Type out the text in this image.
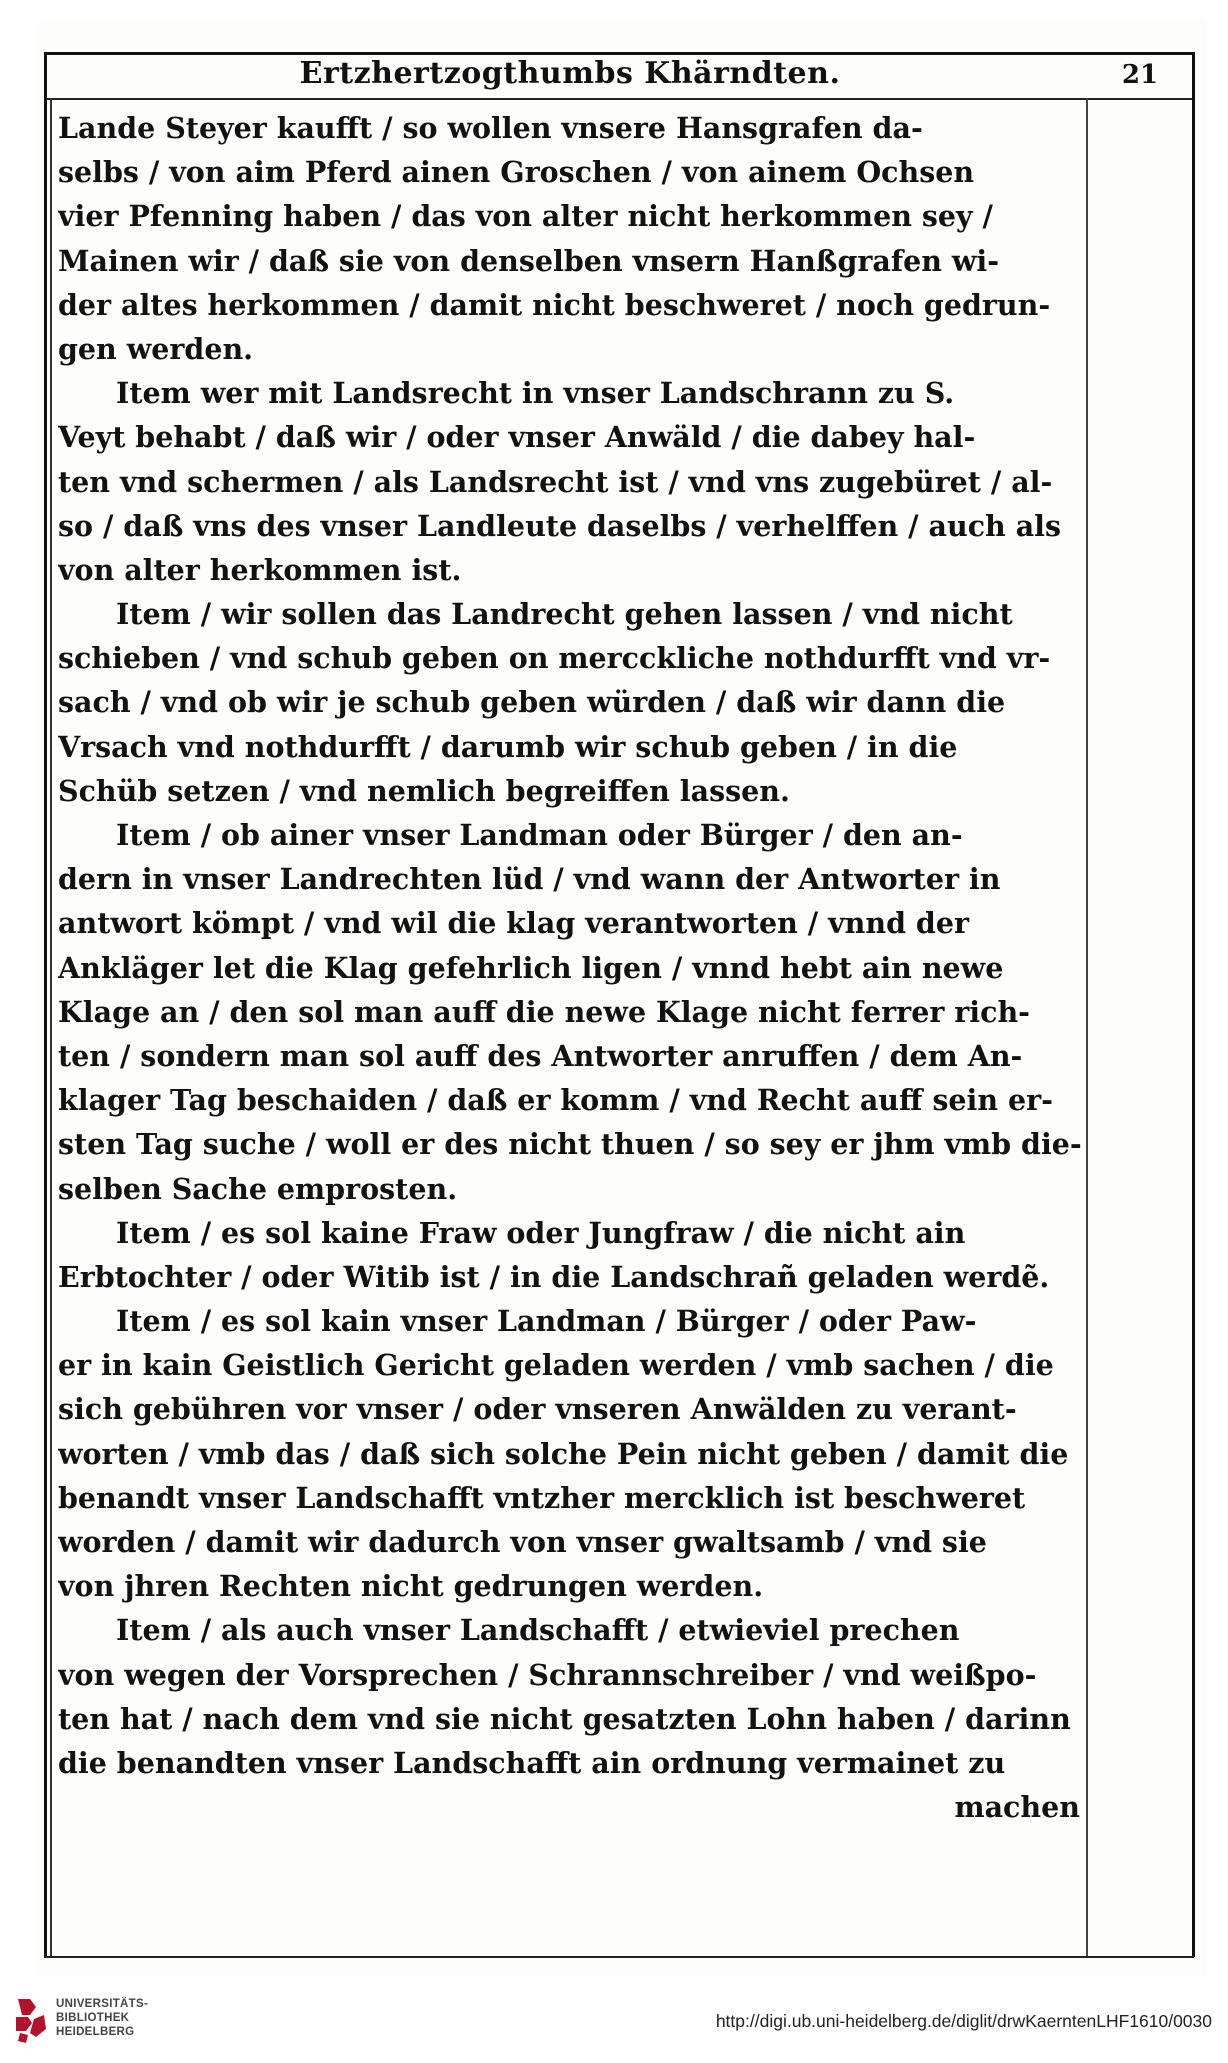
Ertzhertzogthumbs Khärndten.	21
Lande Steyer kaufft / so wollen vnsere Hansgrafen da-
selbs / von aim Pferd ainen Groschen / von ainem Ochsen
vier Pfenning haben / das von alter nicht herkommen sey /
Mainen wir / daß sie von denselben vnsern Hanßgrafen wi-
der altes herkommen / damit nicht beschweret / noch gedrun-
gen werden.
Item wer mit Landsrecht in vnser Landschrann zu S.
Veyt behabt / daß wir / oder vnser Anwäld / die dabey hal-
ten vnd schermen / als Landsrecht ist / vnd vns zugebüret / al-
so / daß vns des vnser Landleute daselbs / verhelffen / auch als
von alter herkommen ist.
Item / wir sollen das Landrecht gehen lassen / vnd nicht
schieben / vnd schub geben on mercckliche nothdurfft vnd vr-
sach / vnd ob wir je schub geben würden / daß wir dann die
Vrsach vnd nothdurfft / darumb wir schub geben / in die
Schüb setzen / vnd nemlich begreiffen lassen.
Item / ob ainer vnser Landman oder Bürger / den an-
dern in vnser Landrechten lüd / vnd wann der Antworter in
antwort kömpt / vnd wil die klag verantworten / vnnd der
Ankläger let die Klag gefehrlich ligen / vnnd hebt ain newe
Klage an / den sol man auff die newe Klage nicht ferrer rich-
ten / sondern man sol auff des Antworter anruffen / dem An-
klager Tag beschaiden / daß er komm / vnd Recht auff sein er-
sten Tag suche / woll er des nicht thuen / so sey er jhm vmb die-
selben Sache emprosten.
Item / es sol kaine Fraw oder Jungfraw / die nicht ain
Erbtochter / oder Witib ist / in die Landschrañ geladen werdẽ.
Item / es sol kain vnser Landman / Bürger / oder Paw-
er in kain Geistlich Gericht geladen werden / vmb sachen / die
sich gebühren vor vnser / oder vnseren Anwälden zu verant-
worten / vmb das / daß sich solche Pein nicht geben / damit die
benandt vnser Landschafft vntzher mercklich ist beschweret
worden / damit wir dadurch von vnser gwaltsamb / vnd sie
von jhren Rechten nicht gedrungen werden.
Item / als auch vnser Landschafft / etwieviel prechen
von wegen der Vorsprechen / Schrannschreiber / vnd weißpo-
ten hat / nach dem vnd sie nicht gesatzten Lohn haben / darinn
die benandten vnser Landschafft ain ordnung vermainet zu
machen
UNIVERSITÄTS-
BIBLIOTHEK
HEIDELBERG
http://digi.ub.uni-heidelberg.de/diglit/drwKaerntenLHF1610/0030
